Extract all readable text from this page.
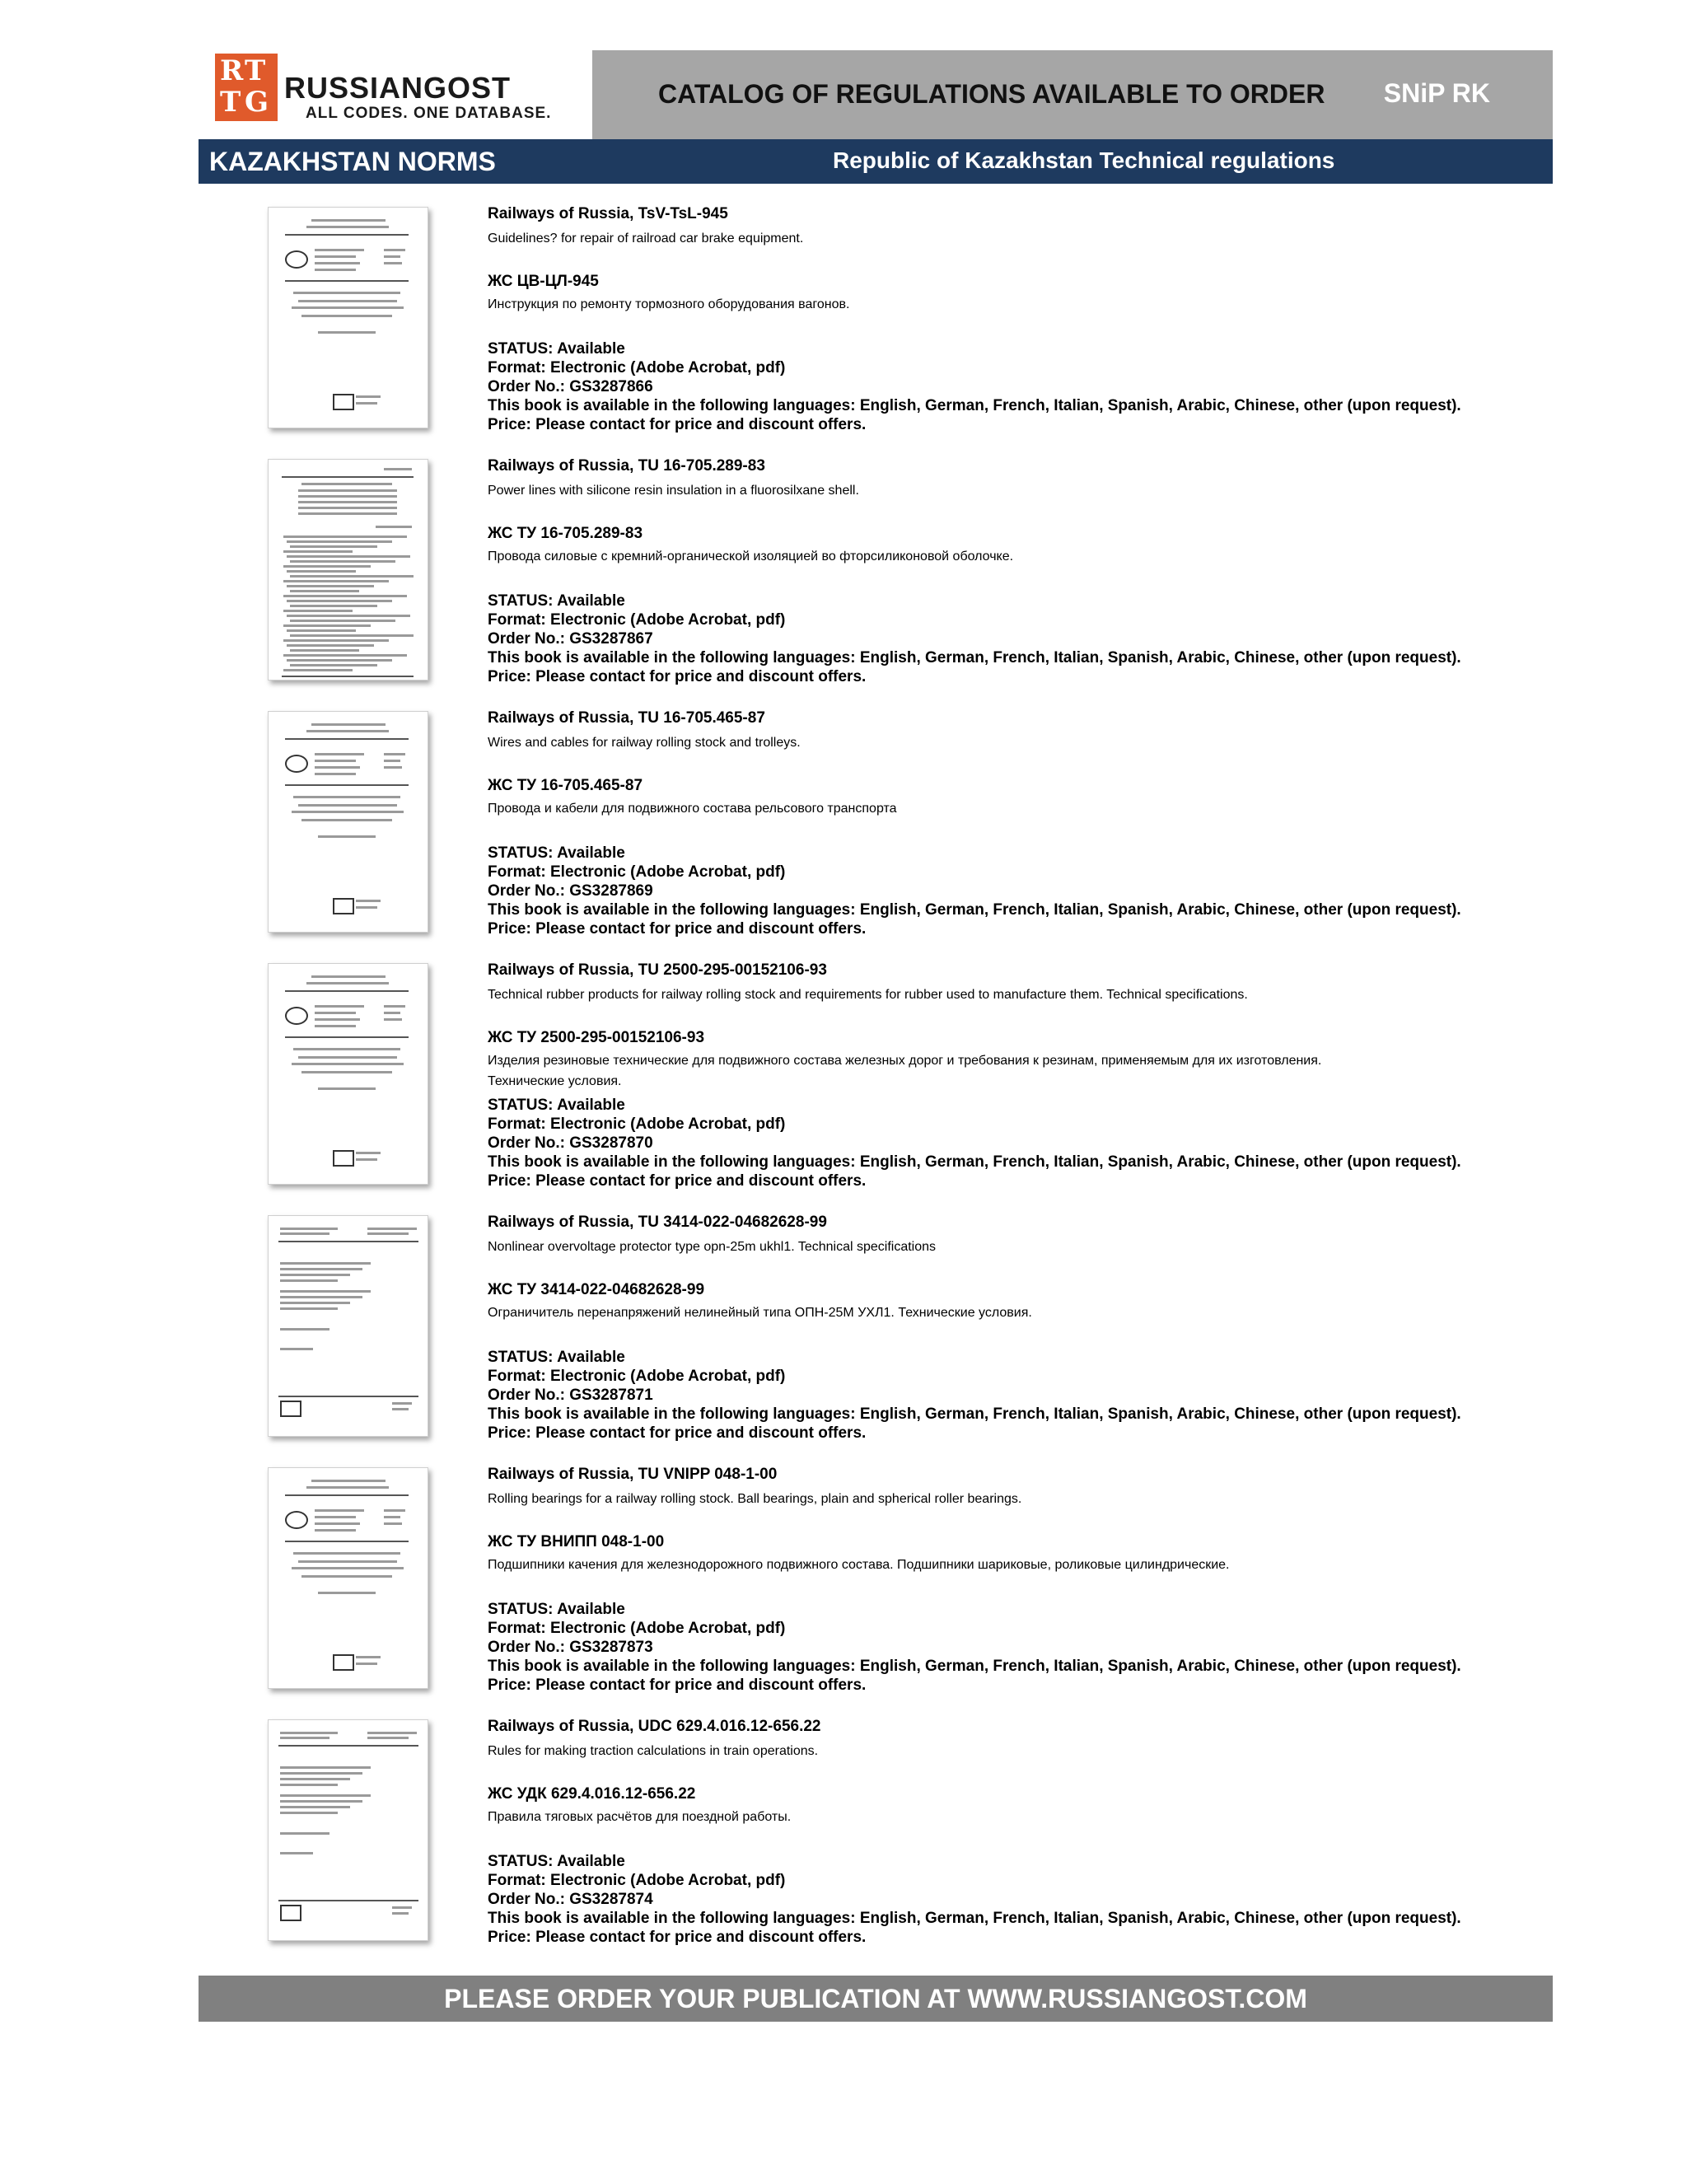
R T
T G RUSSIANGOST
ALL CODES. ONE DATABASE.
CATALOG OF REGULATIONS AVAILABLE TO ORDER SNiP RK
KAZAKHSTAN NORMS	Republic of Kazakhstan Technical regulations
Railways of Russia, TsV-TsL-945
Guidelines? for repair of railroad car brake equipment.
ЖС ЦВ-ЦЛ-945
Инструкция по ремонту тормозного оборудования вагонов.
STATUS: Available
Format: Electronic (Adobe Acrobat, pdf)
Order No.: GS3287866
This book is available in the following languages: English, German, French, Italian, Spanish, Arabic, Chinese, other (upon request).
Price: Please contact for price and discount offers.
Railways of Russia, TU 16-705.289-83
Power lines with silicone resin insulation in a fluorosilxane shell.
ЖС ТУ 16-705.289-83
Провода силовые с кремний-органической изоляцией во фторсиликоновой оболочке.
STATUS: Available
Format: Electronic (Adobe Acrobat, pdf)
Order No.: GS3287867
This book is available in the following languages: English, German, French, Italian, Spanish, Arabic, Chinese, other (upon request).
Price: Please contact for price and discount offers.
Railways of Russia, TU 16-705.465-87
Wires and cables for railway rolling stock and trolleys.
ЖС ТУ 16-705.465-87
Провода и кабели для подвижного состава рельсового транспорта
STATUS: Available
Format: Electronic (Adobe Acrobat, pdf)
Order No.: GS3287869
This book is available in the following languages: English, German, French, Italian, Spanish, Arabic, Chinese, other (upon request).
Price: Please contact for price and discount offers.
Railways of Russia, TU 2500-295-00152106-93
Technical rubber products for railway rolling stock and requirements for rubber used to manufacture them. Technical specifications.
ЖС ТУ 2500-295-00152106-93
Изделия резиновые технические для подвижного состава железных дорог и требования к резинам, применяемым для их изготовления.
STATUS: Available
Format: Electronic (Adobe Acrobat, pdf)
Order No.: GS3287870
This book is available in the following languages: English, German, French, Italian, Spanish, Arabic, Chinese, other (upon request).
Price: Please contact for price and discount offers.
Технические условия.
Railways of Russia, TU 3414-022-04682628-99
Nonlinear overvoltage protector type opn-25m ukhl1. Technical specifications
ЖС ТУ 3414-022-04682628-99
Ограничитель перенапряжений нелинейный типа ОПН-25М УХЛ1. Технические условия.
STATUS: Available
Format: Electronic (Adobe Acrobat, pdf)
Order No.: GS3287871
This book is available in the following languages: English, German, French, Italian, Spanish, Arabic, Chinese, other (upon request).
Price: Please contact for price and discount offers.
Railways of Russia, TU VNIPP 048-1-00
Rolling bearings for a railway rolling stock. Ball bearings, plain and spherical roller bearings.
ЖС ТУ ВНИПП 048-1-00
Подшипники качения для железнодорожного подвижного состава. Подшипники шариковые, роликовые цилиндрические.
STATUS: Available
Format: Electronic (Adobe Acrobat, pdf)
Order No.: GS3287873
This book is available in the following languages: English, German, French, Italian, Spanish, Arabic, Chinese, other (upon request).
Price: Please contact for price and discount offers.
Railways of Russia, UDC 629.4.016.12-656.22
Rules for making traction calculations in train operations.
ЖС УДК 629.4.016.12-656.22
Правила тяговых расчётов для поездной работы.
STATUS: Available
Format: Electronic (Adobe Acrobat, pdf)
Order No.: GS3287874
This book is available in the following languages: English, German, French, Italian, Spanish, Arabic, Chinese, other (upon request).
Price: Please contact for price and discount offers.
PLEASE ORDER YOUR PUBLICATION AT WWW.RUSSIANGOST.COM
